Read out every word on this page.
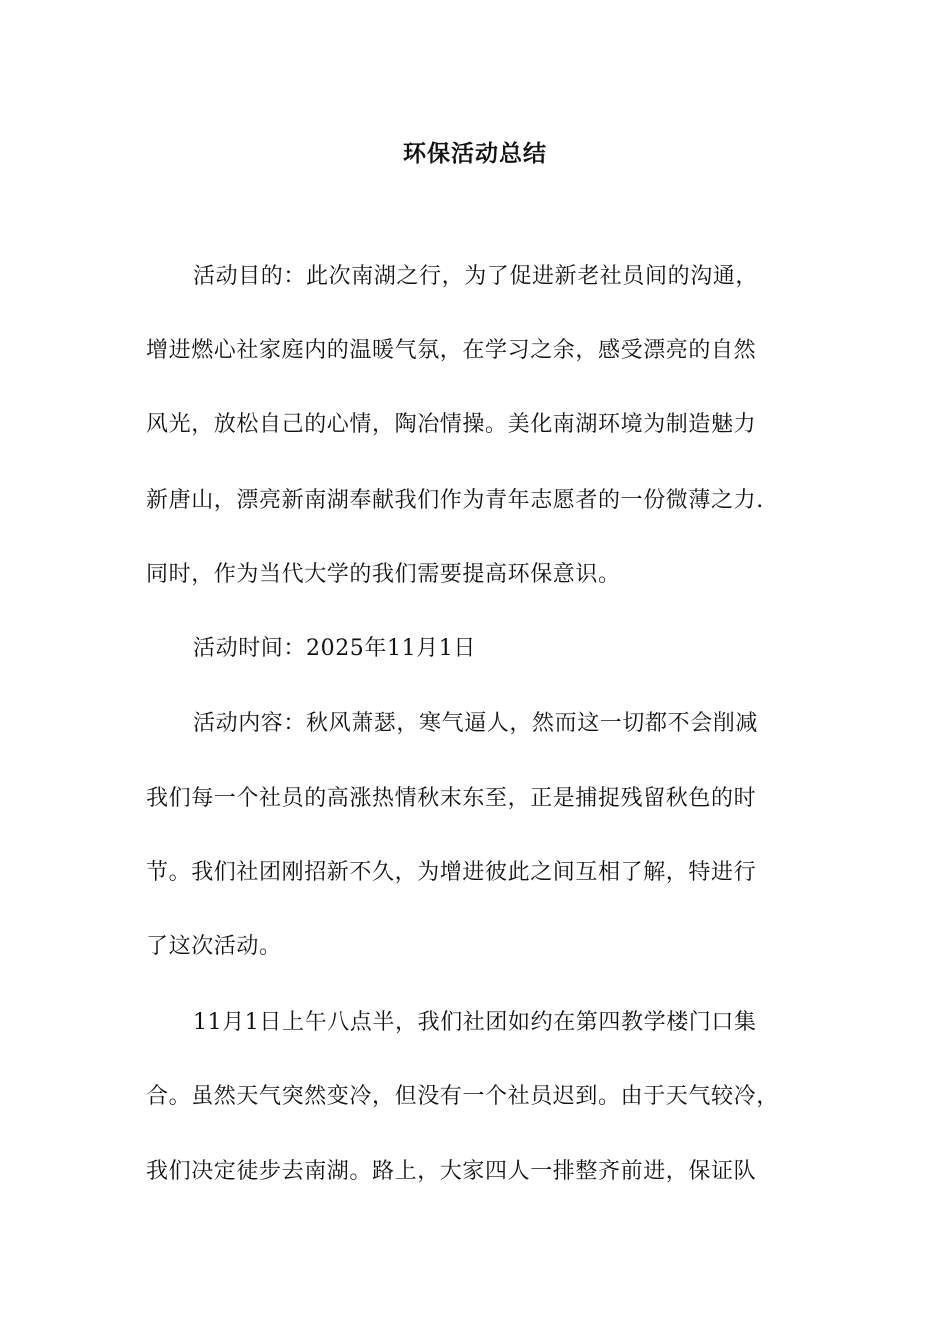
环保活动总结
活动目的：此次南湖之行，为了促进新老社员间的沟通，
增进燃心社家庭内的温暖气氛，在学习之余，感受漂亮的自然
风光，放松自己的心情，陶冶情操。美化南湖环境为制造魅力
新唐山，漂亮新南湖奉献我们作为青年志愿者的一份微薄之力.
同时，作为当代大学的我们需要提高环保意识。
活动时间：2025年11月1日
活动内容：秋风萧瑟，寒气逼人，然而这一切都不会削减
我们每一个社员的高涨热情秋末东至，正是捕捉残留秋色的时
节。我们社团刚招新不久，为增进彼此之间互相了解，特进行
了这次活动。
11月1日上午八点半，我们社团如约在第四教学楼门口集
合。虽然天气突然变冷，但没有一个社员迟到。由于天气较冷，
我们决定徒步去南湖。路上，大家四人一排整齐前进，保证队
